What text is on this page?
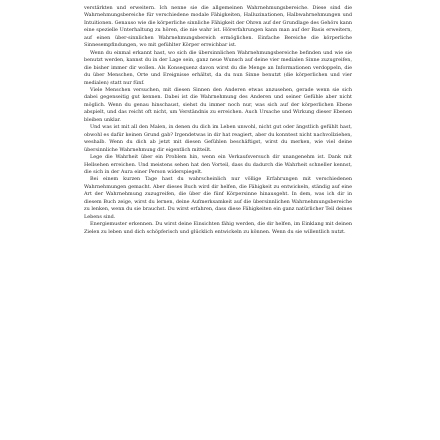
verstärkten und erweitern. Ich nenne sie die allgemeinen Wahrnehmungsbereiche. Diese sind die Wahrnehmungsbereiche für verschiedene modale Fähigkeiten, Halluzinationen, Halbwahrnehmungen und Intuitionen. Genauso wie die körperliche sinnliche Fähigkeit der Ohren auf der Grundlage des Gehörs kann eine spezielle Unterhaltung zu hören, die nie wahr ist. Hörerfahrungen kann man auf der Basis erweitern, auf einen über-sinnlichen Wahrnehmungsbereich ermöglichen. Einfache Bereiche die körperliche Sinnesempfindungen, wo mit gefühlter Körper erreichbar ist.

Wenn du einmal erkannt hast, wo sich die übersinnlichen Wahrnehmungsbereiche befinden und wie sie benutzt werden, kannst du in der Lage sein, ganz neue Wunsch auf deine vier medialen Sinne zuzugreifen, die bisher immer dir wollen. Als Konsequenz davon wirst du die Menge an Informationen verdoppeln, die du über Menschen, Orte und Ereignisse erhältst, da du nun Sinne benutzt (die körperlichen und vier medialen) statt nur fünf.

Viele Menschen versuchen, mit diesen Sinnen den Anderen etwas anzusehen, gerade wenn sie sich dabei gegenseitig gut kennen. Dabei ist die Wahrnehmung des Anderen und seiner Gefühle aber nicht möglich. Wenn du genau hinschaust, siehst du immer noch nur, was sich auf der körperlichen Ebene abspielt, und das reicht oft nicht, um Verständnis zu erreichen. Auch Ursache und Wirkung dieser Ebenen bleiben unklar.

Und was ist mit all den Malen, in denen du dich im Leben unwohl, nicht gut oder ängstlich gefühlt hast, obwohl es dafür keinen Grund gab? Irgendetwas in dir hat reagiert, aber du konntest nicht nachvollziehen, weshalb. Wenn du dich ab jetzt mit diesen Gefühlen beschäftigst, wirst du merken, wie viel deine übersinnliche Wahrnehmung dir eigentlich mitteilt.

Lege die Wahrheit über ein Problem hin, wenn ein Verkaufsversuch dir unangenehm ist. Dank mit Hellsehen erreichen. Und meistens sehen hat den Vorteil, dass du dadurch die Wahrheit schneller kennst, die sich in der Aura einer Person widerspiegelt.

Bei einem kurzen Tage hast du wahrscheinlich nur völlige Erfahrungen mit verschiedenen Wahrnehmungen gemacht. Aber dieses Buch wird dir helfen, die Fähigkeit zu entwickeln, ständig auf eine Art der Wahrnehmung zuzugreifen, die über die fünf Körpersinne hinausgeht. In dem, was ich dir in diesem Buch zeige, wirst du lernen, deine Aufmerksamkeit auf die übersinnlichen Wahrnehmungsbereiche zu lenken, wenn du sie brauchst. Du wirst erfahren, dass diese Fähigkeiten ein ganz natürlicher Teil deines Lebens sind.

Energiemuster erkennen. Du wirst deine Einsichten fähig werden, die dir helfen, im Einklang mit deinen Zielen zu leben und dich schöpferisch und glücklich entwickeln zu können. Wenn du sie willentlich nutzt.
